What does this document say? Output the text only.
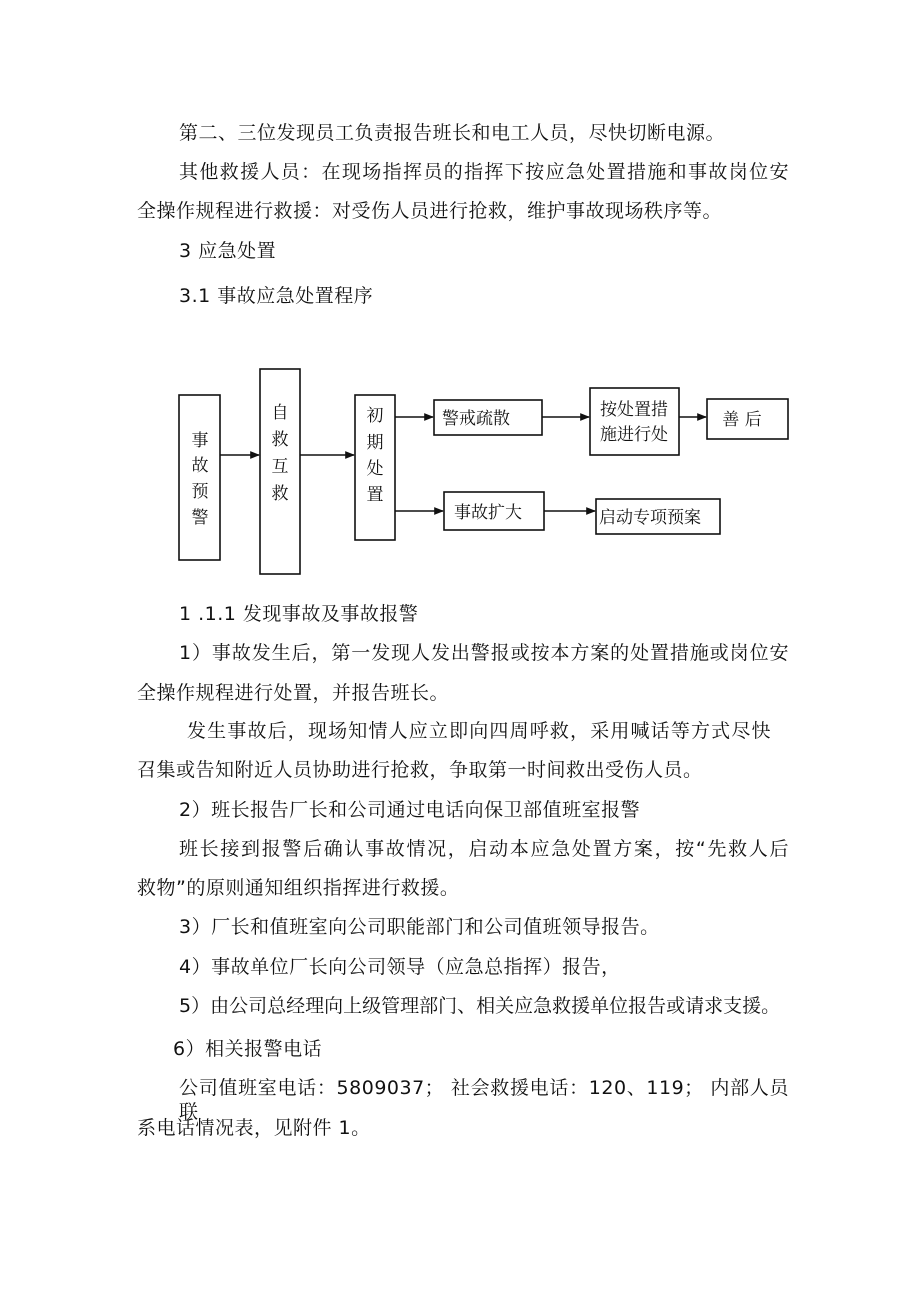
第二、三位发现员工负责报告班长和电工人员，尽快切断电源。
其他救援人员：在现场指挥员的指挥下按应急处置措施和事故岗位安
全操作规程进行救援：对受伤人员进行抢救，维护事故现场秩序等。
3 应急处置
3.1 事故应急处置程序
1 .1.1 发现事故及事故报警
1）事故发生后，第一发现人发出警报或按本方案的处置措施或岗位安
全操作规程进行处置，并报告班长。
发生事故后，现场知情人应立即向四周呼救，采用喊话等方式尽快
召集或告知附近人员协助进行抢救，争取第一时间救出受伤人员。
2）班长报告厂长和公司通过电话向保卫部值班室报警
班长接到报警后确认事故情况，启动本应急处置方案，按“先救人后
救物”的原则通知组织指挥进行救援。
3）厂长和值班室向公司职能部门和公司值班领导报告。
4）事故单位厂长向公司领导（应急总指挥）报告，
5）由公司总经理向上级管理部门、相关应急救援单位报告或请求支援。
6）相关报警电话
公司值班室电话：5809037； 社会救援电话：120、119； 内部人员联
系电话情况表，见附件 1。
事
故
预
警
自
救
互
救
初
期
处
置
警戒疏散	按处置措
施进行处
善 后
事故扩大	启动专项预案
